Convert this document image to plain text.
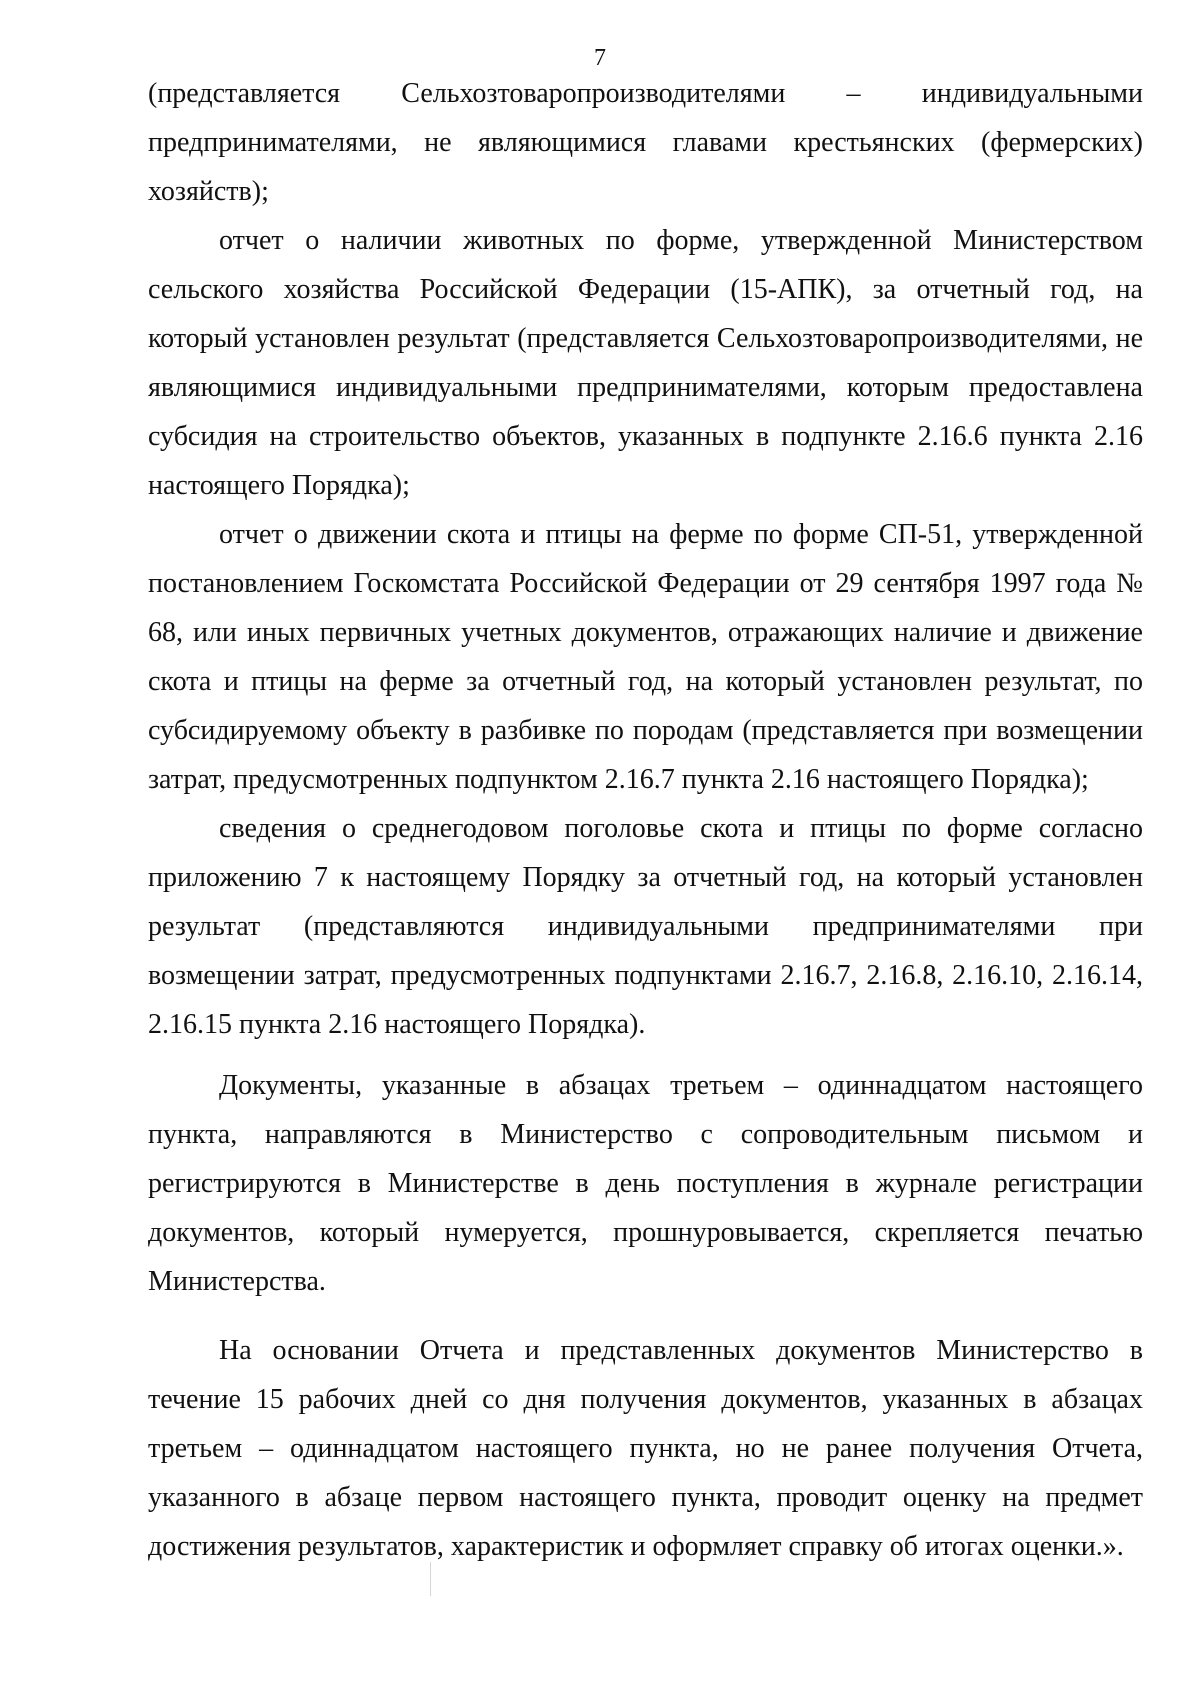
7

(представляется Сельхозтоваропроизводителями – индивидуальными предпринимателями, не являющимися главами крестьянских (фермерских) хозяйств);

отчет о наличии животных по форме, утвержденной Министерством сельского хозяйства Российской Федерации (15-АПК), за отчетный год, на который установлен результат (представляется Сельхозтоваропроизводителями, не являющимися индивидуальными предпринимателями, которым предоставлена субсидия на строительство объектов, указанных в подпункте 2.16.6 пункта 2.16 настоящего Порядка);

отчет о движении скота и птицы на ферме по форме СП-51, утвержденной постановлением Госкомстата Российской Федерации от 29 сентября 1997 года № 68, или иных первичных учетных документов, отражающих наличие и движение скота и птицы на ферме за отчетный год, на который установлен результат, по субсидируемому объекту в разбивке по породам (представляется при возмещении затрат, предусмотренных подпунктом 2.16.7 пункта 2.16 настоящего Порядка);

сведения о среднегодовом поголовье скота и птицы по форме согласно приложению 7 к настоящему Порядку за отчетный год, на который установлен результат (представляются индивидуальными предпринимателями при возмещении затрат, предусмотренных подпунктами 2.16.7, 2.16.8, 2.16.10, 2.16.14, 2.16.15 пункта 2.16 настоящего Порядка).

Документы, указанные в абзацах третьем – одиннадцатом настоящего пункта, направляются в Министерство с сопроводительным письмом и регистрируются в Министерстве в день поступления в журнале регистрации документов, который нумеруется, прошнуровывается, скрепляется печатью Министерства.

На основании Отчета и представленных документов Министерство в течение 15 рабочих дней со дня получения документов, указанных в абзацах третьем – одиннадцатом настоящего пункта, но не ранее получения Отчета, указанного в абзаце первом настоящего пункта, проводит оценку на предмет достижения результатов, характеристик и оформляет справку об итогах оценки.».
